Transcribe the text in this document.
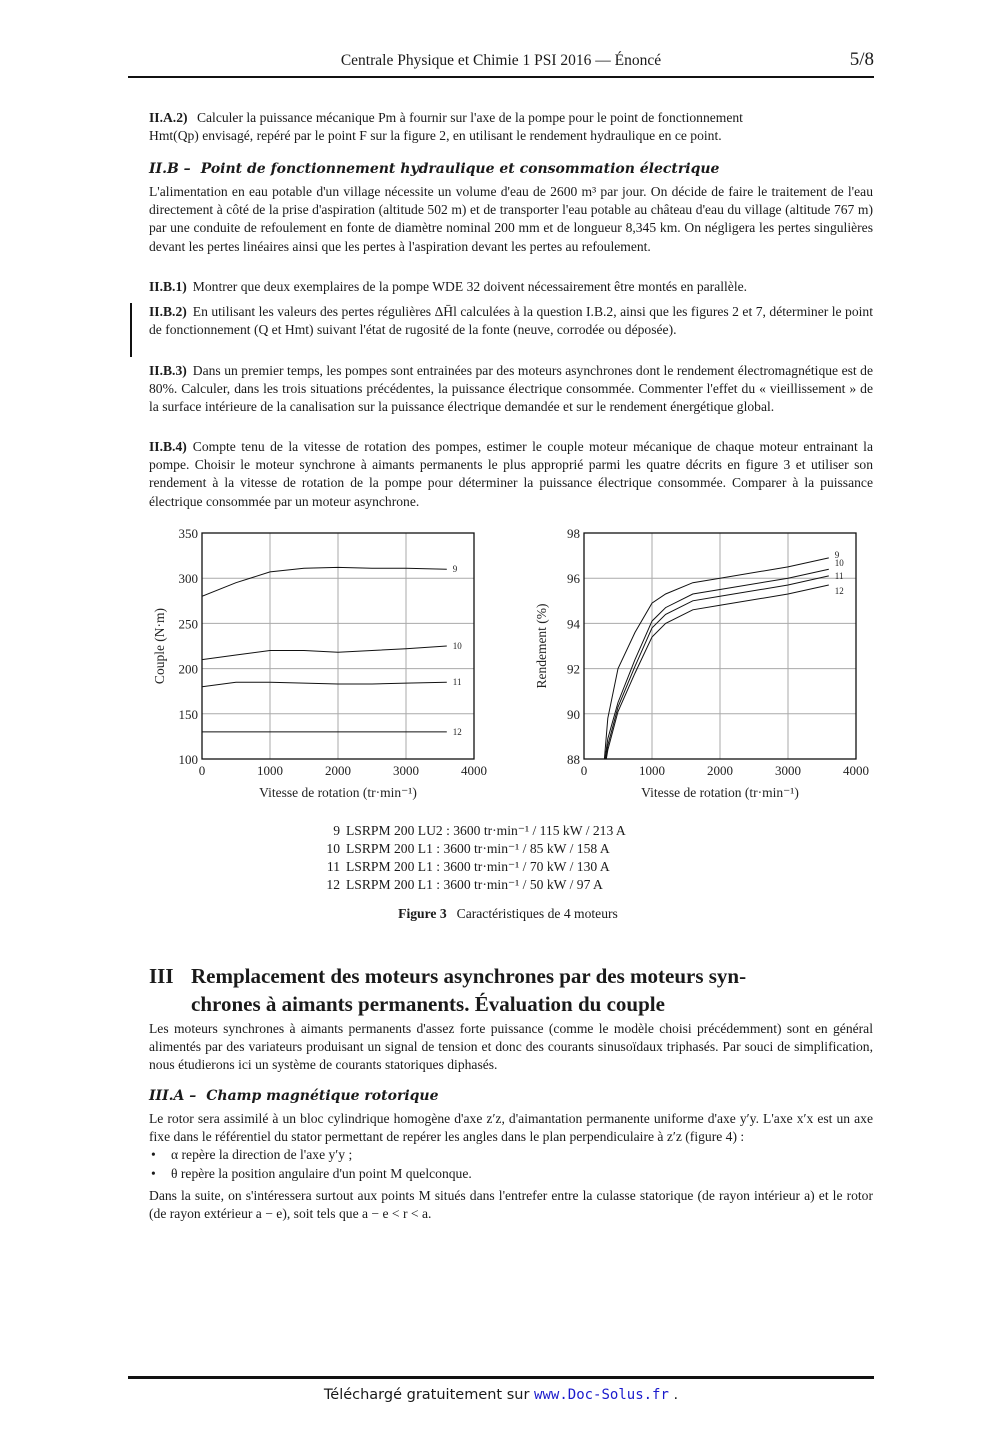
Centrale Physique et Chimie 1 PSI 2016 — Énoncé	5/8
II.A.2) Calculer la puissance mécanique Pm à fournir sur l'axe de la pompe pour le point de fonctionnement
Hmt(Qp) envisagé, repéré par le point F sur la figure 2, en utilisant le rendement hydraulique en ce point.
II.B – Point de fonctionnement hydraulique et consommation électrique
L'alimentation en eau potable d'un village nécessite un volume d'eau de 2600 m³ par jour. On décide de faire le traitement de l'eau directement à côté de la prise d'aspiration (altitude 502 m) et de transporter l'eau potable au château d'eau du village (altitude 767 m) par une conduite de refoulement en fonte de diamètre nominal 200 mm et de longueur 8,345 km. On négligera les pertes singulières devant les pertes linéaires ainsi que les pertes à l'aspiration devant les pertes au refoulement.
II.B.1) Montrer que deux exemplaires de la pompe WDE 32 doivent nécessairement être montés en parallèle.
II.B.2) En utilisant les valeurs des pertes régulières ΔH̄l calculées à la question I.B.2, ainsi que les figures 2 et 7, déterminer le point de fonctionnement (Q et Hmt) suivant l'état de rugosité de la fonte (neuve, corrodée ou déposée).
II.B.3) Dans un premier temps, les pompes sont entrainées par des moteurs asynchrones dont le rendement électromagnétique est de 80%. Calculer, dans les trois situations précédentes, la puissance électrique consommée. Commenter l'effet du « vieillissement » de la surface intérieure de la canalisation sur la puissance électrique demandée et sur le rendement énergétique global.
II.B.4) Compte tenu de la vitesse de rotation des pompes, estimer le couple moteur mécanique de chaque moteur entrainant la pompe. Choisir le moteur synchrone à aimants permanents le plus approprié parmi les quatre décrits en figure 3 et utiliser son rendement à la vitesse de rotation de la pompe pour déterminer la puissance électrique consommée. Comparer à la puissance électrique consommée par un moteur asynchrone.
0	1000	2000	3000	4000
100
150
200
250
300
350
9
10
11
12
Vitesse de rotation (tr·min⁻¹)
Couple (N·m)
0	1000	2000	3000	4000
88
90
92
94
96
98
9
10
11
12
Vitesse de rotation (tr·min⁻¹)
Rendement (%)
9 LSRPM 200 LU2 : 3600 tr·min⁻¹ / 115 kW / 213 A
10 LSRPM 200 L1 : 3600 tr·min⁻¹ / 85 kW / 158 A
11 LSRPM 200 L1 : 3600 tr·min⁻¹ / 70 kW / 130 A
12 LSRPM 200 L1 : 3600 tr·min⁻¹ / 50 kW / 97 A
Figure 3 Caractéristiques de 4 moteurs
III Remplacement des moteurs asynchrones par des moteurs syn-
chrones à aimants permanents. Évaluation du couple
Les moteurs synchrones à aimants permanents d'assez forte puissance (comme le modèle choisi précédemment) sont en général alimentés par des variateurs produisant un signal de tension et donc des courants sinusoïdaux triphasés. Par souci de simplification, nous étudierons ici un système de courants statoriques diphasés.
III.A – Champ magnétique rotorique
Le rotor sera assimilé à un bloc cylindrique homogène d'axe z′z, d'aimantation permanente uniforme d'axe y′y. L'axe x′x est un axe fixe dans le référentiel du stator permettant de repérer les angles dans le plan perpendiculaire à z′z (figure 4) :
• α repère la direction de l'axe y′y ;
• θ repère la position angulaire d'un point M quelconque.
Dans la suite, on s'intéressera surtout aux points M situés dans l'entrefer entre la culasse statorique (de rayon intérieur a) et le rotor (de rayon extérieur a − e), soit tels que a − e < r < a.
Téléchargé gratuitement sur www.Doc-Solus.fr .
